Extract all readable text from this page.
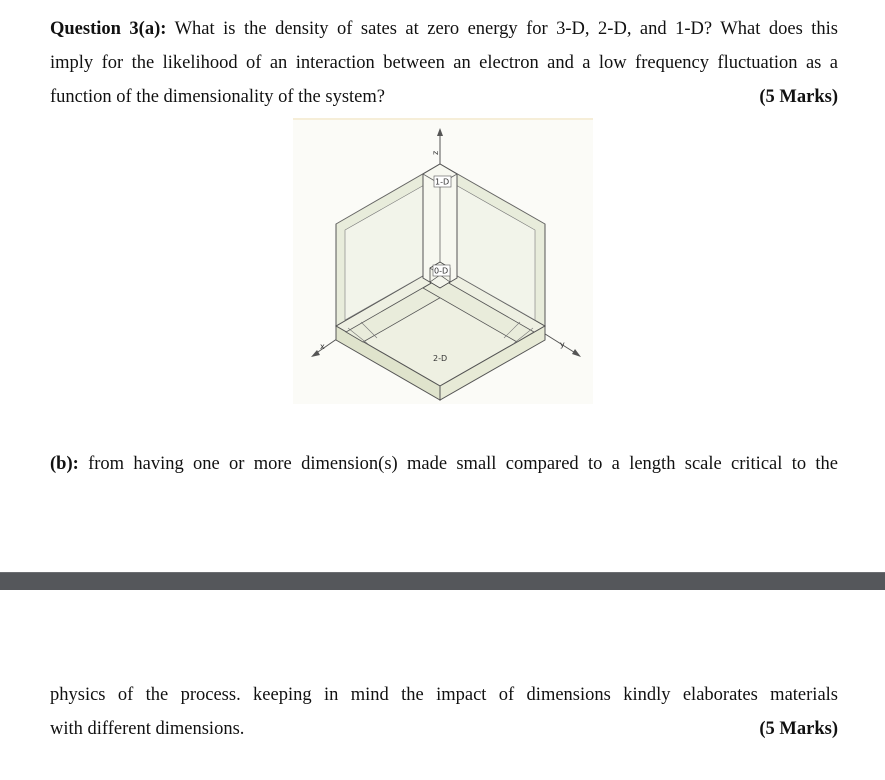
Question 3(a): What is the density of sates at zero energy for 3-D, 2-D, and 1-D? What does this
imply for the likelihood of an interaction between an electron and a low frequency fluctuation as a
function of the dimensionality of the system?	(5 Marks)
1-D
0-D
2-D
z
x	y
(b): from having one or more dimension(s) made small compared to a length scale critical to the
physics of the process. keeping in mind the impact of dimensions kindly elaborates materials
with different dimensions.	(5 Marks)
